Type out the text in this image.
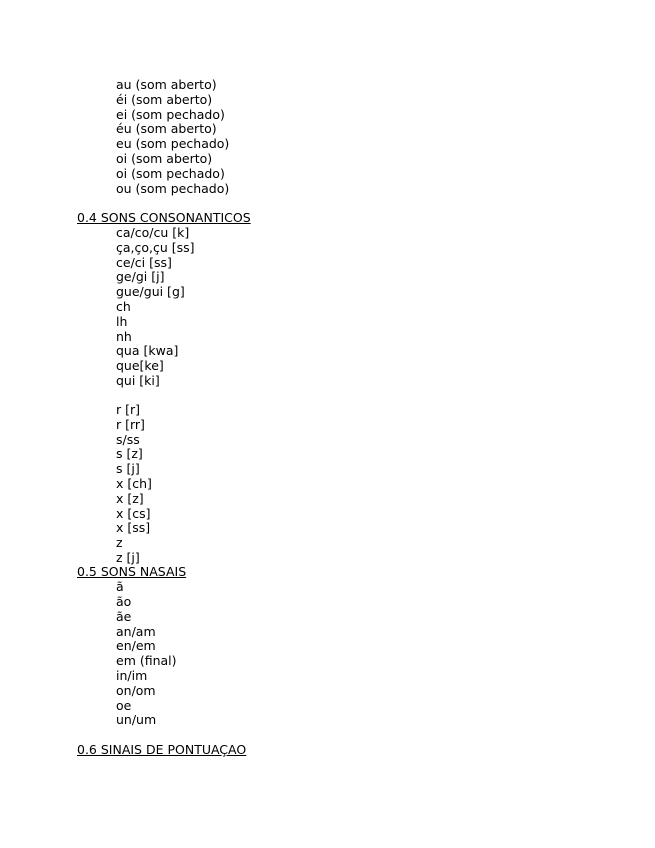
au (som aberto)
éi (som aberto)
ei (som pechado)
éu (som aberto)
eu (som pechado)
oi (som aberto)
oi (som pechado)
ou (som pechado)
0.4 SONS CONSONANTICOS
ca/co/cu [k]
ça,ço,çu [ss]
ce/ci [ss]
ge/gi [j]
gue/gui [g]
ch
lh
nh
qua [kwa]
que[ke]
qui [ki]
r [r]
r [rr]
s/ss
s [z]
s [j]
x [ch]
x [z]
x [cs]
x [ss]
z
z [j]
0.5 SONS NASAIS
ã
ão
ãe
an/am
en/em
em (final)
in/im
on/om
oe
un/um
0.6 SINAIS DE PONTUAÇAO
